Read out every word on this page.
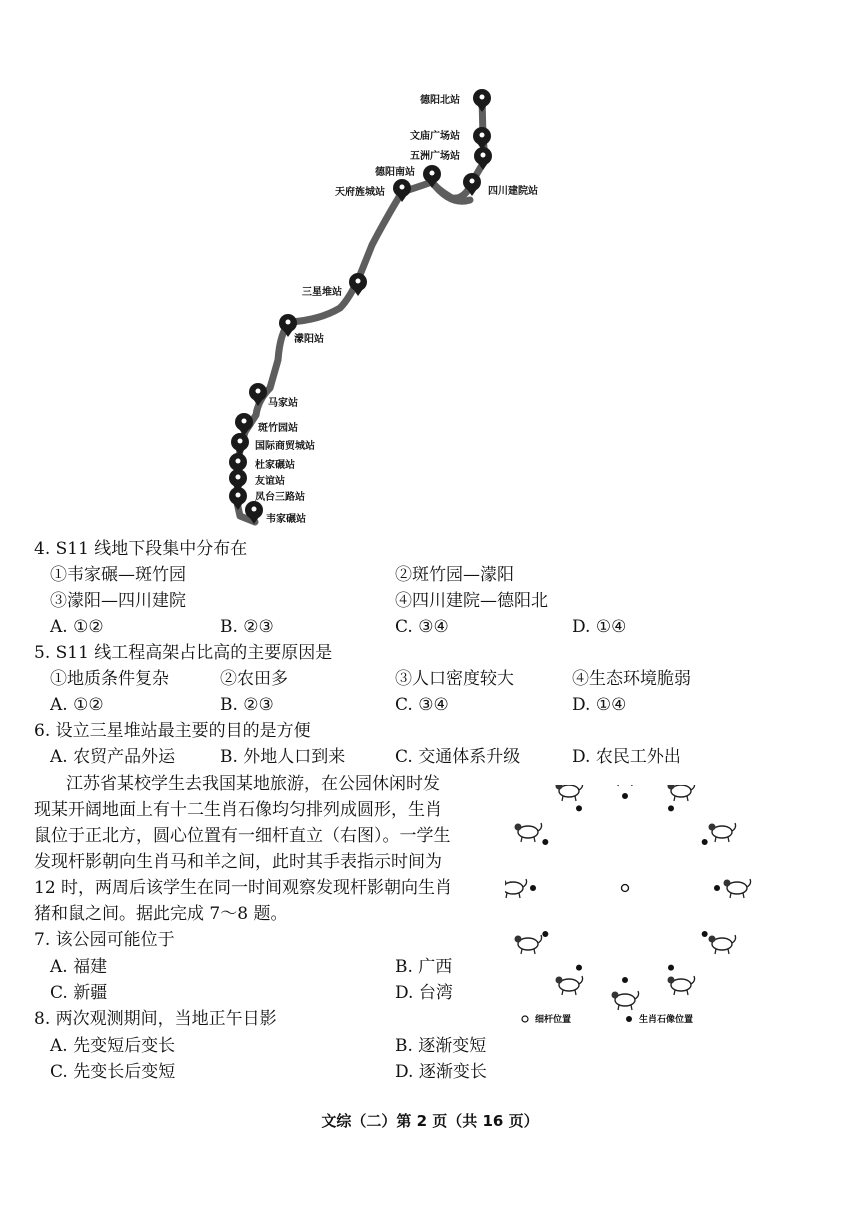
德阳北站
文庙广场站
五洲广场站
德阳南站
天府旌城站	四川建院站
三星堆站
濛阳站
马家站
斑竹园站
国际商贸城站
杜家碾站
友谊站
凤台三路站
韦家碾站
4. S11 线地下段集中分布在
①韦家碾—斑竹园	②斑竹园—濛阳
③濛阳—四川建院	④四川建院—德阳北
A. ①②	B. ②③	C. ③④	D. ①④
5. S11 线工程高架占比高的主要原因是
①地质条件复杂	②农田多	③人口密度较大	④生态环境脆弱
A. ①②	B. ②③	C. ③④	D. ①④
6. 设立三星堆站最主要的目的是方便
A. 农贸产品外运	B. 外地人口到来	C. 交通体系升级	D. 农民工外出
江苏省某校学生去我国某地旅游，在公园休闲时发
现某开阔地面上有十二生肖石像均匀排列成圆形，生肖
鼠位于正北方，圆心位置有一细杆直立（右图）。一学生
发现杆影朝向生肖马和羊之间，此时其手表指示时间为
12 时，两周后该学生在同一时间观察发现杆影朝向生肖
猪和鼠之间。据此完成 7～8 题。
7. 该公园可能位于
A. 福建	B. 广西
C. 新疆	D. 台湾
8. 两次观测期间，当地正午日影
A. 先变短后变长	B. 逐渐变短
C. 先变长后变短	D. 逐渐变长
细杆位置	生肖石像位置
文综（二）第 2 页（共 16 页）
